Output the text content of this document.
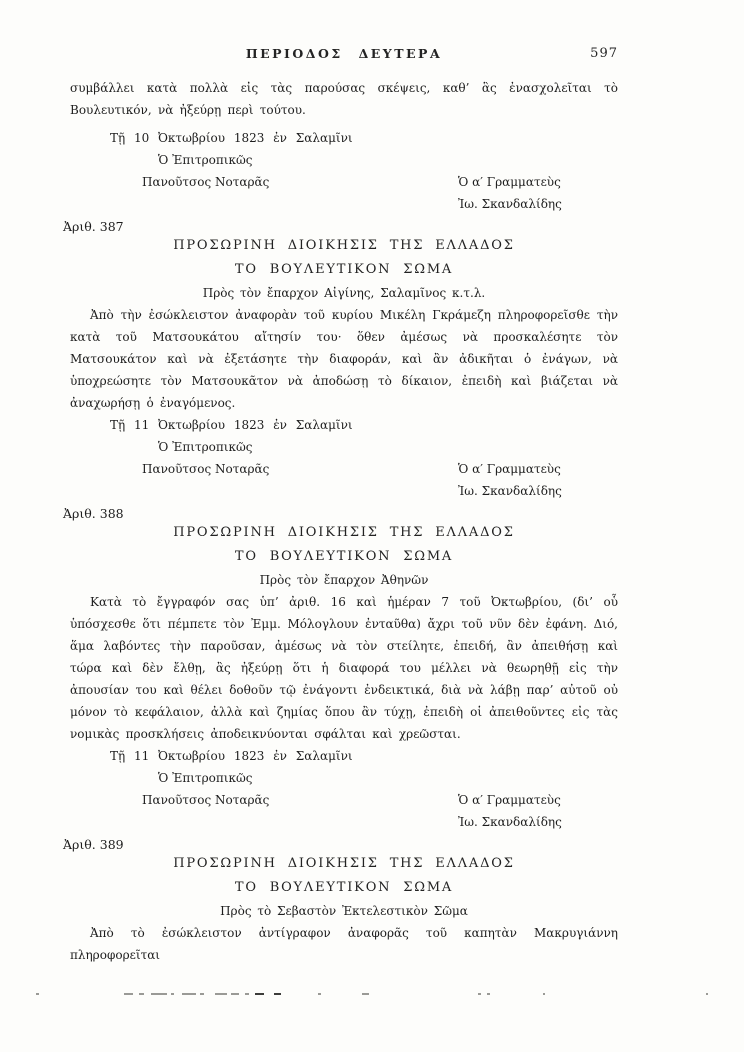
ΠΕΡΙΟΔΟΣ ΔΕΥΤΕΡΑ	597

συμβάλλει κατὰ πολλὰ εἰς τὰς παρούσας σκέψεις, καθ’ ἃς ἐνασχολεῖται τὸ Βουλευτικόν, νὰ ἠξεύρῃ περὶ τούτου.

Τῇ 10 Ὀκτωβρίου 1823 ἐν Σαλαμῖνι
Ὁ Ἐπιτροπικῶς
Πανοῦτσος Νοταρᾶς	Ὁ α′ Γραμματεὺς
Ἰω. Σκανδαλίδης
Ἀριθ. 387
ΠΡΟΣΩΡΙΝΗ ΔΙΟΙΚΗΣΙΣ ΤΗΣ ΕΛΛΑΔΟΣ
ΤΟ ΒΟΥΛΕΥΤΙΚΟΝ ΣΩΜΑ
Πρὸς τὸν ἔπαρχον Αἰγίνης, Σαλαμῖνος κ.τ.λ.

Ἀπὸ τὴν ἐσώκλειστον ἀναφορὰν τοῦ κυρίου Μικέλη Γκράμεζη πληροφορεῖσθε τὴν κατὰ τοῦ Ματσουκάτου αἴτησίν του· ὅθεν ἀμέσως νὰ προσκαλέσητε τὸν Ματσουκάτον καὶ νὰ ἐξετάσητε τὴν διαφοράν, καὶ ἂν ἀδικῆται ὁ ἐνάγων, νὰ ὑποχρεώσητε τὸν Ματσουκᾶτον νὰ ἀποδώσῃ τὸ δίκαιον, ἐπειδὴ καὶ βιάζεται νὰ ἀναχωρήσῃ ὁ ἐναγόμενος.

Τῇ 11 Ὀκτωβρίου 1823 ἐν Σαλαμῖνι
Ὁ Ἐπιτροπικῶς
Πανοῦτσος Νοταρᾶς	Ὁ α′ Γραμματεὺς
Ἰω. Σκανδαλίδης
Ἀριθ. 388
ΠΡΟΣΩΡΙΝΗ ΔΙΟΙΚΗΣΙΣ ΤΗΣ ΕΛΛΑΔΟΣ
ΤΟ ΒΟΥΛΕΥΤΙΚΟΝ ΣΩΜΑ
Πρὸς τὸν ἔπαρχον Ἀθηνῶν

Κατὰ τὸ ἔγγραφόν σας ὑπ’ ἀριθ. 16 καὶ ἡμέραν 7 τοῦ Ὀκτωβρίου, (δι’ οὗ ὑπόσχεσθε ὅτι πέμπετε τὸν Ἐμμ. Μόλογλουν ἐνταῦθα) ἄχρι τοῦ νῦν δὲν ἐφάνη. Διό, ἅμα λαβόντες τὴν παροῦσαν, ἀμέσως νὰ τὸν στείλητε, ἐπειδή, ἂν ἀπειθήσῃ καὶ τώρα καὶ δὲν ἔλθῃ, ἂς ἠξεύρῃ ὅτι ἡ διαφορά του μέλλει νὰ θεωρηθῇ εἰς τὴν ἀπουσίαν του καὶ θέλει δοθοῦν τῷ ἐνάγοντι ἐνδεικτικά, διὰ νὰ λάβῃ παρ’ αὐτοῦ οὐ μόνον τὸ κεφάλαιον, ἀλλὰ καὶ ζημίας ὅπου ἂν τύχῃ, ἐπειδὴ οἱ ἀπειθοῦντες εἰς τὰς νομικὰς προσκλήσεις ἀποδεικνύονται σφάλται καὶ χρεῶσται.

Τῇ 11 Ὀκτωβρίου 1823 ἐν Σαλαμῖνι
Ὁ Ἐπιτροπικῶς
Πανοῦτσος Νοταρᾶς	Ὁ α′ Γραμματεὺς
Ἰω. Σκανδαλίδης
Ἀριθ. 389
ΠΡΟΣΩΡΙΝΗ ΔΙΟΙΚΗΣΙΣ ΤΗΣ ΕΛΛΑΔΟΣ
ΤΟ ΒΟΥΛΕΥΤΙΚΟΝ ΣΩΜΑ
Πρὸς τὸ Σεβαστὸν Ἐκτελεστικὸν Σῶμα

Ἀπὸ τὸ ἐσώκλειστον ἀντίγραφον ἀναφορᾶς τοῦ καπητὰν Μακρυγιάννη πληροφορεῖται
